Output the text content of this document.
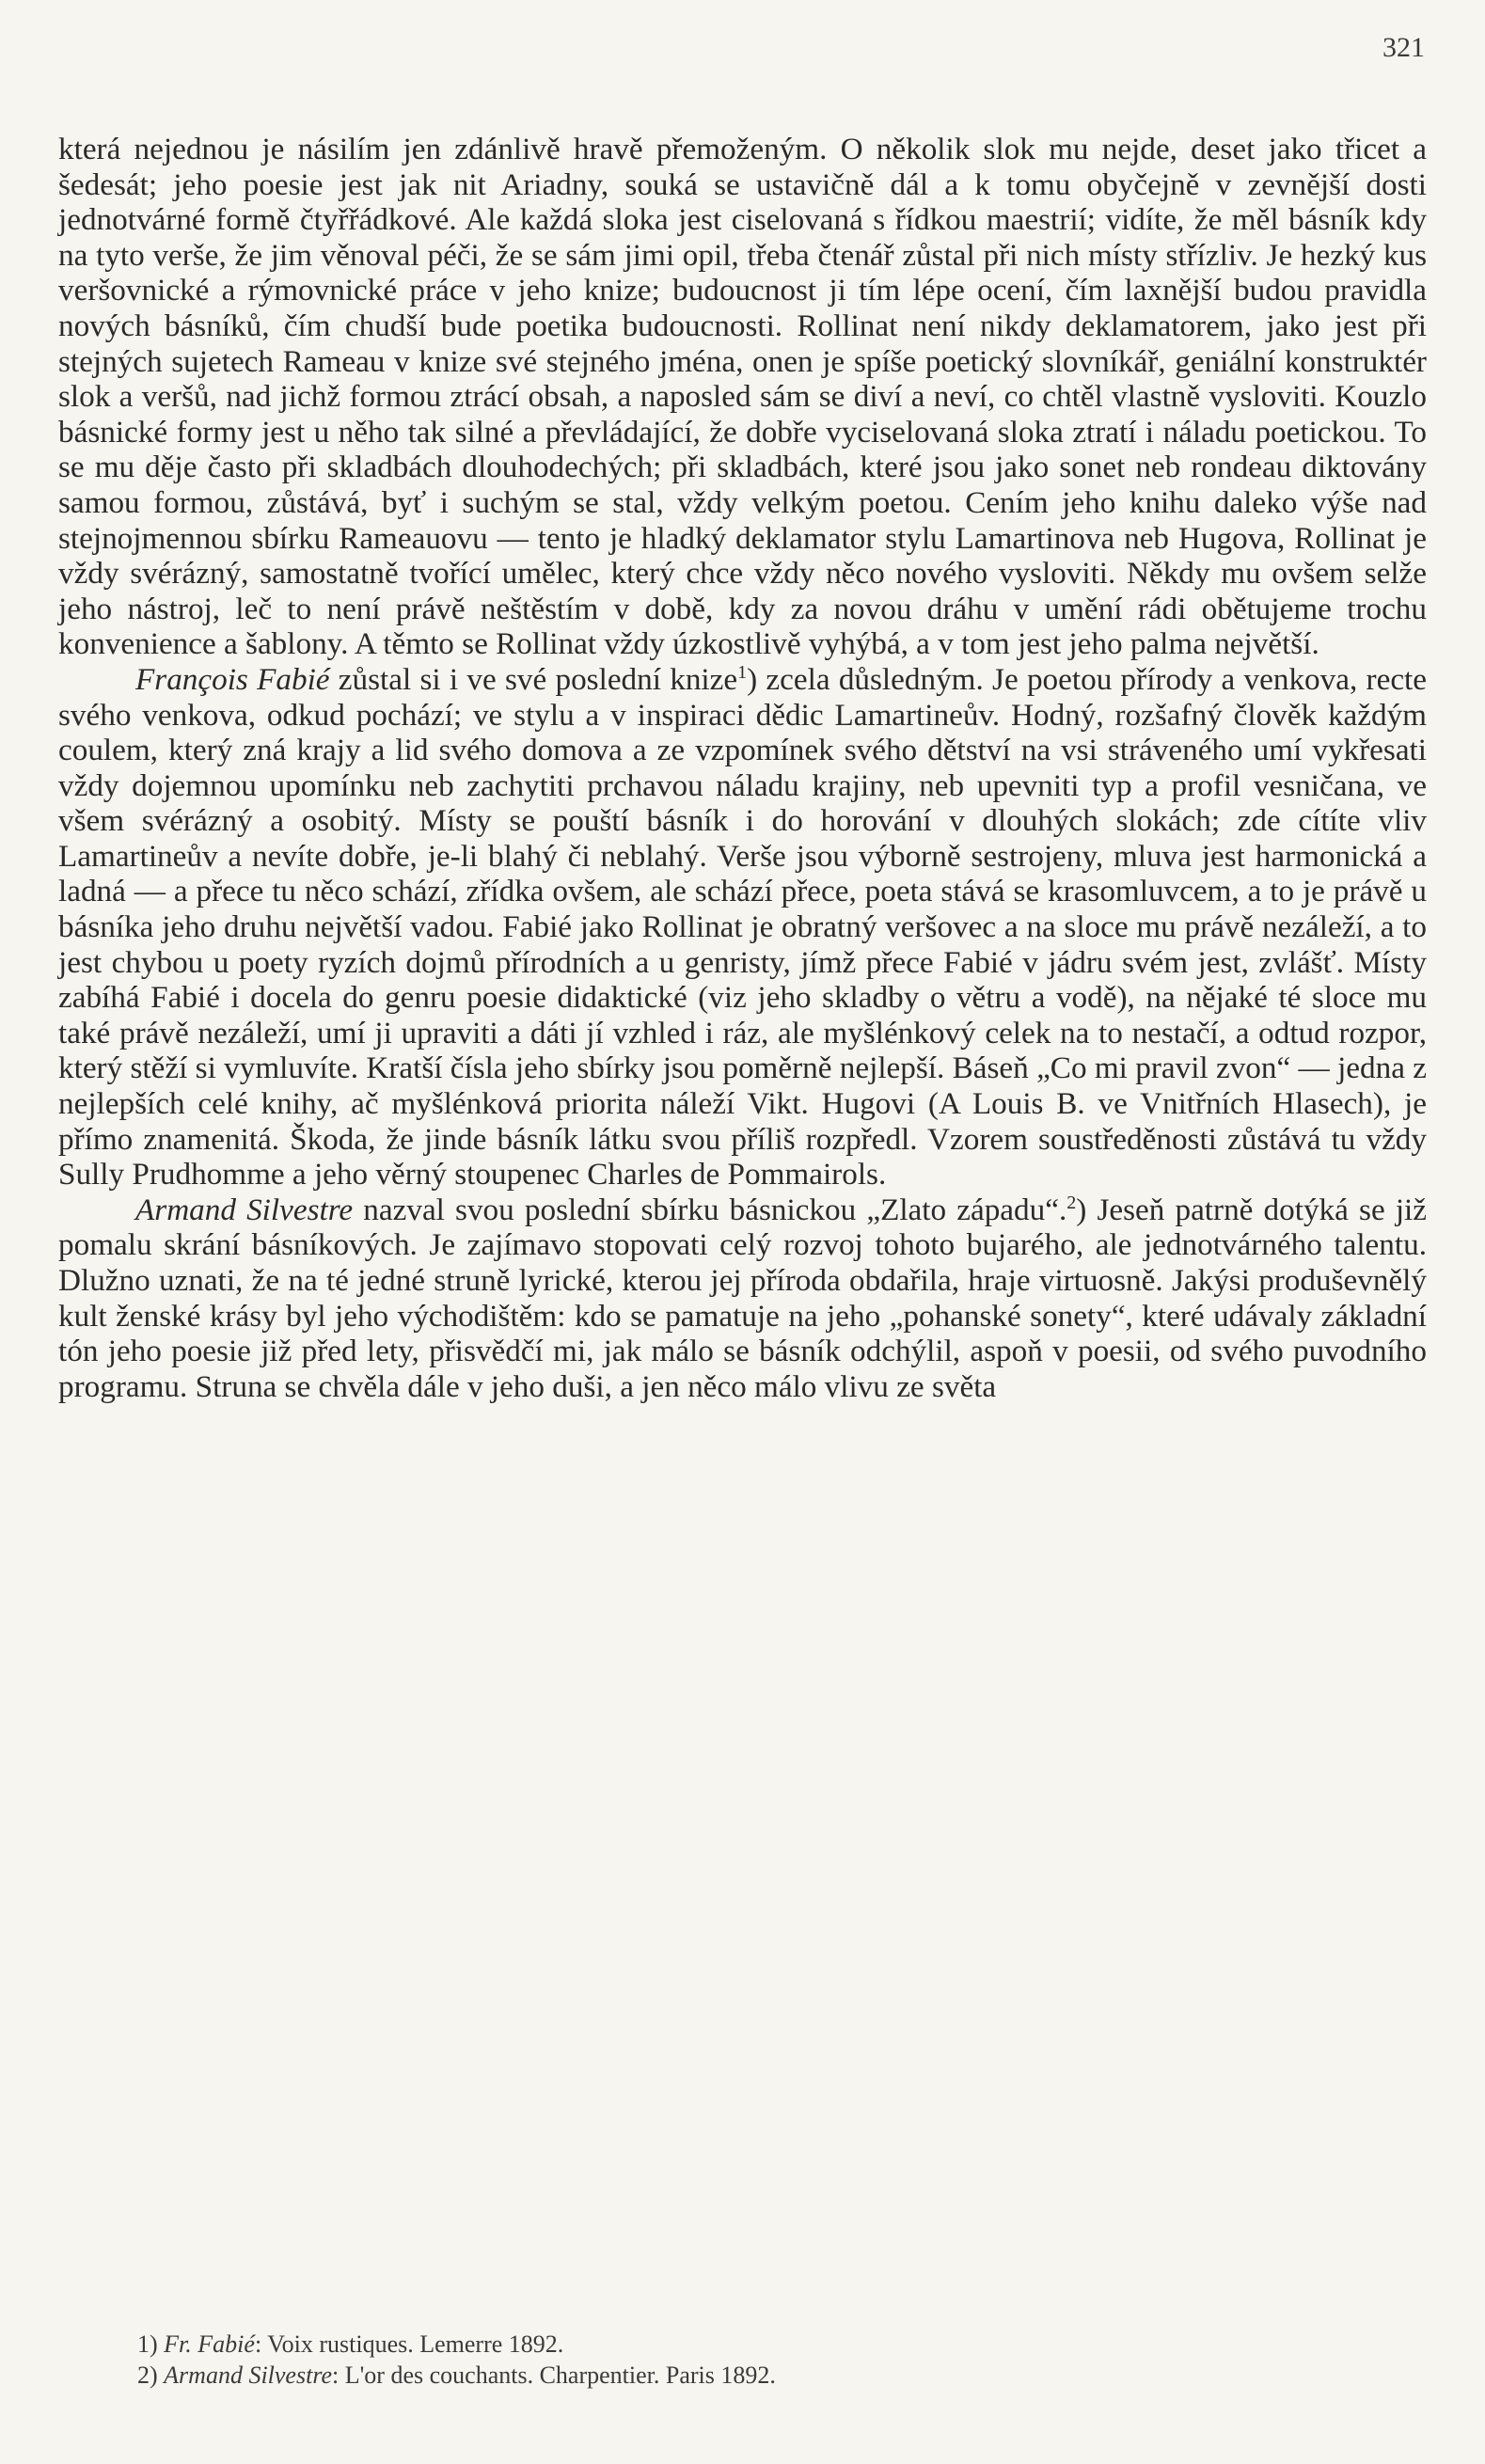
321

která nejednou je násilím jen zdánlivě hravě přemoženým. O několik slok mu nejde, deset jako třicet a šedesát; jeho poesie jest jak nit Ariadny, souká se ustavičně dál a k tomu obyčejně v zevnější dosti jednotvárné formě čtyřřádkové. Ale každá sloka jest ciselovaná s řídkou maestrií; vidíte, že měl básník kdy na tyto verše, že jim věnoval péči, že se sám jimi opil, třeba čtenář zůstal při nich místy střízliv. Je hezký kus veršovnické a rýmovnické práce v jeho knize; budoucnost ji tím lépe ocení, čím laxnější budou pravidla nových básníků, čím chudší bude poetika budoucnosti. Rollinat není nikdy deklamatorem, jako jest při stejných sujetech Rameau v knize své stejného jména, onen je spíše poetický slovníkář, geniální konstruktér slok a veršů, nad jichž formou ztrácí obsah, a naposled sám se diví a neví, co chtěl vlastně vysloviti. Kouzlo básnické formy jest u něho tak silné a převládající, že dobře vyciselovaná sloka ztratí i náladu poetickou. To se mu děje často při skladbách dlouhodechých; při skladbách, které jsou jako sonet neb rondeau diktovány samou formou, zůstává, byť i suchým se stal, vždy velkým poetou. Cením jeho knihu daleko výše nad stejnojmennou sbírku Rameauovu — tento je hladký deklamator stylu Lamartinova neb Hugova, Rollinat je vždy svérázný, samostatně tvořící umělec, který chce vždy něco nového vysloviti. Někdy mu ovšem selže jeho nástroj, leč to není právě neštěstím v době, kdy za novou dráhu v umění rádi obětujeme trochu konvenience a šablony. A těmto se Rollinat vždy úzkostlivě vyhýbá, a v tom jest jeho palma největší.

François Fabié zůstal si i ve své poslední knize$^1$) zcela důsledným. Je poetou přírody a venkova, recte svého venkova, odkud pochází; ve stylu a v inspiraci dědic Lamartineův. Hodný, rozšafný člověk každým coulem, který zná krajy a lid svého domova a ze vzpomínek svého dětství na vsi stráveného umí vykřesati vždy dojemnou upomínku neb zachytiti prchavou náladu krajiny, neb upevniti typ a profil vesničana, ve všem svérázný a osobitý. Místy se pouští básník i do horování v dlouhých slokách; zde cítíte vliv Lamartineův a nevíte dobře, je-li blahý či neblahý. Verše jsou výborně sestrojeny, mluva jest harmonická a ladná — a přece tu něco schází, zřídka ovšem, ale schází přece, poeta stává se krasomluvcem, a to je právě u básníka jeho druhu největší vadou. Fabié jako Rollinat je obratný veršovec a na sloce mu právě nezáleží, a to jest chybou u poety ryzích dojmů přírodních a u genristy, jímž přece Fabié v jádru svém jest, zvlášť. Místy zabíhá Fabié i docela do genru poesie didaktické (viz jeho skladby o větru a vodě), na nějaké té sloce mu také právě nezáleží, umí ji upraviti a dáti jí vzhled i ráz, ale myšlénkový celek na to nestačí, a odtud rozpor, který stěží si vymluvíte. Kratší čísla jeho sbírky jsou poměrně nejlepší. Báseň „Co mi pravil zvon“ — jedna z nejlepších celé knihy, ač myšlénková priorita náleží Vikt. Hugovi (A Louis B. ve Vnitřních Hlasech), je přímo znamenitá. Škoda, že jinde básník látku svou příliš rozpředl. Vzorem soustředěnosti zůstává tu vždy Sully Prudhomme a jeho věrný stoupenec Charles de Pommairols.

Armand Silvestre nazval svou poslední sbírku básnickou „Zlato západu“.$^2$) Jeseň patrně dotýká se již pomalu skrání básníkových. Je zajímavo stopovati celý rozvoj tohoto bujarého, ale jednotvárného talentu. Dlužno uznati, že na té jedné struně lyrické, kterou jej příroda obdařila, hraje virtuosně. Jakýsi produševnělý kult ženské krásy byl jeho východištěm: kdo se pamatuje na jeho „pohanské sonety“, které udávaly základní tón jeho poesie již před lety, přisvědčí mi, jak málo se básník odchýlil, aspoň v poesii, od svého puvodního programu. Struna se chvěla dále v jeho duši, a jen něco málo vlivu ze světa

1) Fr. Fabié: Voix rustiques. Lemerre 1892.

2) Armand Silvestre: L'or des couchants. Charpentier. Paris 1892.
